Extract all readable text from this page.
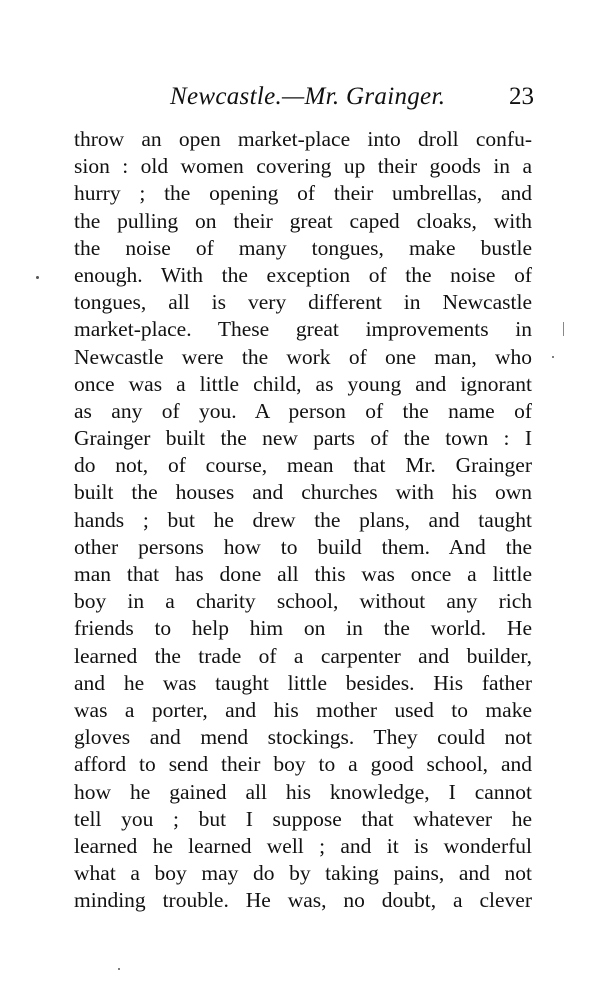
Newcastle.—Mr. Grainger.	23
throw an open market-place into droll confu-
sion : old women covering up their goods in a
hurry ; the opening of their umbrellas, and
the pulling on their great caped cloaks, with
the noise of many tongues, make bustle
enough. With the exception of the noise of
tongues, all is very different in Newcastle
market-place. These great improvements in
Newcastle were the work of one man, who
once was a little child, as young and ignorant
as any of you. A person of the name of
Grainger built the new parts of the town : I
do not, of course, mean that Mr. Grainger
built the houses and churches with his own
hands ; but he drew the plans, and taught
other persons how to build them. And the
man that has done all this was once a little
boy in a charity school, without any rich
friends to help him on in the world. He
learned the trade of a carpenter and builder,
and he was taught little besides. His father
was a porter, and his mother used to make
gloves and mend stockings. They could not
afford to send their boy to a good school, and
how he gained all his knowledge, I cannot
tell you ; but I suppose that whatever he
learned he learned well ; and it is wonderful
what a boy may do by taking pains, and not
minding trouble. He was, no doubt, a clever
